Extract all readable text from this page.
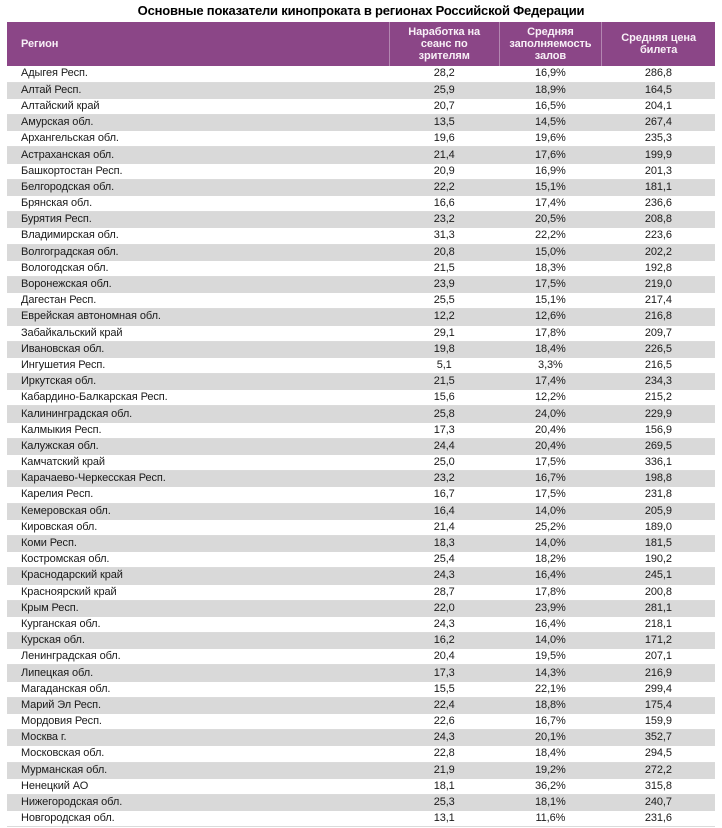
Основные показатели кинопроката в регионах Российской Федерации
Регион	Наработка на сеанс по зрителям	Средняя заполняемость залов	Средняя цена билета
Адыгея Респ.	28,2	16,9%	286,8
Алтай Респ.	25,9	18,9%	164,5
Алтайский край	20,7	16,5%	204,1
Амурская обл.	13,5	14,5%	267,4
Архангельская обл.	19,6	19,6%	235,3
Астраханская обл.	21,4	17,6%	199,9
Башкортостан Респ.	20,9	16,9%	201,3
Белгородская обл.	22,2	15,1%	181,1
Брянская обл.	16,6	17,4%	236,6
Бурятия Респ.	23,2	20,5%	208,8
Владимирская обл.	31,3	22,2%	223,6
Волгоградская обл.	20,8	15,0%	202,2
Вологодская обл.	21,5	18,3%	192,8
Воронежская обл.	23,9	17,5%	219,0
Дагестан Респ.	25,5	15,1%	217,4
Еврейская автономная обл.	12,2	12,6%	216,8
Забайкальский край	29,1	17,8%	209,7
Ивановская обл.	19,8	18,4%	226,5
Ингушетия Респ.	5,1	3,3%	216,5
Иркутская обл.	21,5	17,4%	234,3
Кабардино-Балкарская Респ.	15,6	12,2%	215,2
Калининградская обл.	25,8	24,0%	229,9
Калмыкия Респ.	17,3	20,4%	156,9
Калужская обл.	24,4	20,4%	269,5
Камчатский край	25,0	17,5%	336,1
Карачаево-Черкесская Респ.	23,2	16,7%	198,8
Карелия Респ.	16,7	17,5%	231,8
Кемеровская обл.	16,4	14,0%	205,9
Кировская обл.	21,4	25,2%	189,0
Коми Респ.	18,3	14,0%	181,5
Костромская обл.	25,4	18,2%	190,2
Краснодарский край	24,3	16,4%	245,1
Красноярский край	28,7	17,8%	200,8
Крым Респ.	22,0	23,9%	281,1
Курганская обл.	24,3	16,4%	218,1
Курская обл.	16,2	14,0%	171,2
Ленинградская обл.	20,4	19,5%	207,1
Липецкая обл.	17,3	14,3%	216,9
Магаданская обл.	15,5	22,1%	299,4
Марий Эл Респ.	22,4	18,8%	175,4
Мордовия Респ.	22,6	16,7%	159,9
Москва г.	24,3	20,1%	352,7
Московская обл.	22,8	18,4%	294,5
Мурманская обл.	21,9	19,2%	272,2
Ненецкий АО	18,1	36,2%	315,8
Нижегородская обл.	25,3	18,1%	240,7
Новгородская обл.	13,1	11,6%	231,6
